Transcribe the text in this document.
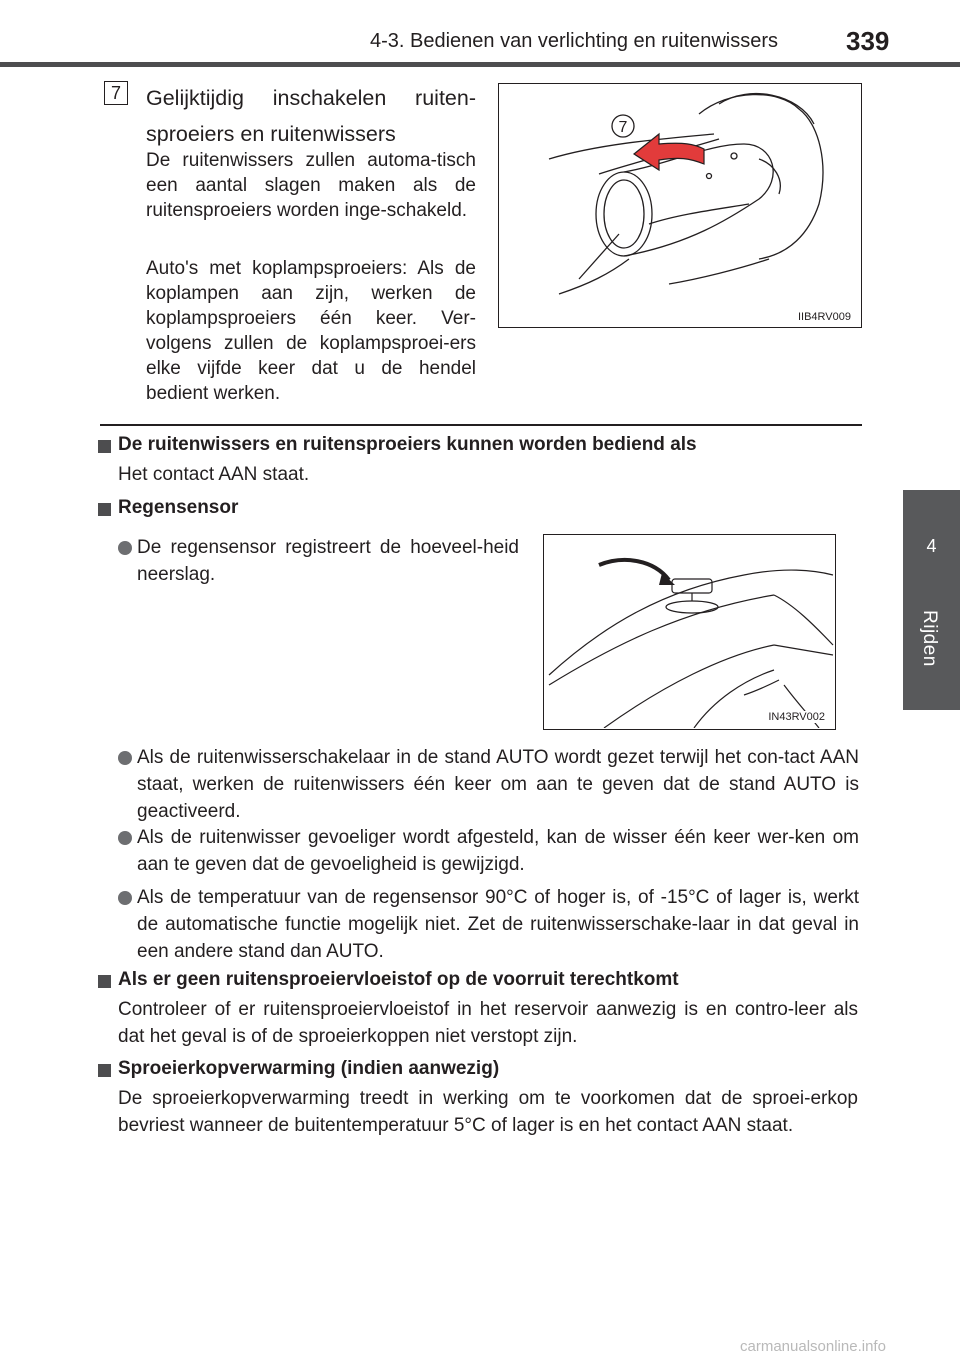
4-3. Bedienen van verlichting en ruitenwissers	339
4
Rijden
7	Gelijktijdig inschakelen ruiten-sproeiers en ruitenwissers
De ruitenwissers zullen automa-tisch een aantal slagen maken als de ruitensproeiers worden inge-schakeld.
Auto's met koplampsproeiers: Als de koplampen aan zijn, werken de koplampsproeiers één keer. Ver-volgens zullen de koplampsproei-ers elke vijfde keer dat u de hendel bedient werken.
7
IIB4RV009
De ruitenwissers en ruitensproeiers kunnen worden bediend als
Het contact AAN staat.
Regensensor
De regensensor registreert de hoeveel-heid neerslag.
IN43RV002
Als de ruitenwisserschakelaar in de stand AUTO wordt gezet terwijl het con-tact AAN staat, werken de ruitenwissers één keer om aan te geven dat de stand AUTO is geactiveerd.
Als de ruitenwisser gevoeliger wordt afgesteld, kan de wisser één keer wer-ken om aan te geven dat de gevoeligheid is gewijzigd.
Als de temperatuur van de regensensor 90°C of hoger is, of -15°C of lager is, werkt de automatische functie mogelijk niet. Zet de ruitenwisserschake-laar in dat geval in een andere stand dan AUTO.
Als er geen ruitensproeiervloeistof op de voorruit terechtkomt
Controleer of er ruitensproeiervloeistof in het reservoir aanwezig is en contro-leer als dat het geval is of de sproeierkoppen niet verstopt zijn.
Sproeierkopverwarming (indien aanwezig)
De sproeierkopverwarming treedt in werking om te voorkomen dat de sproei-erkop bevriest wanneer de buitentemperatuur 5°C of lager is en het contact AAN staat.
carmanualsonline.info
